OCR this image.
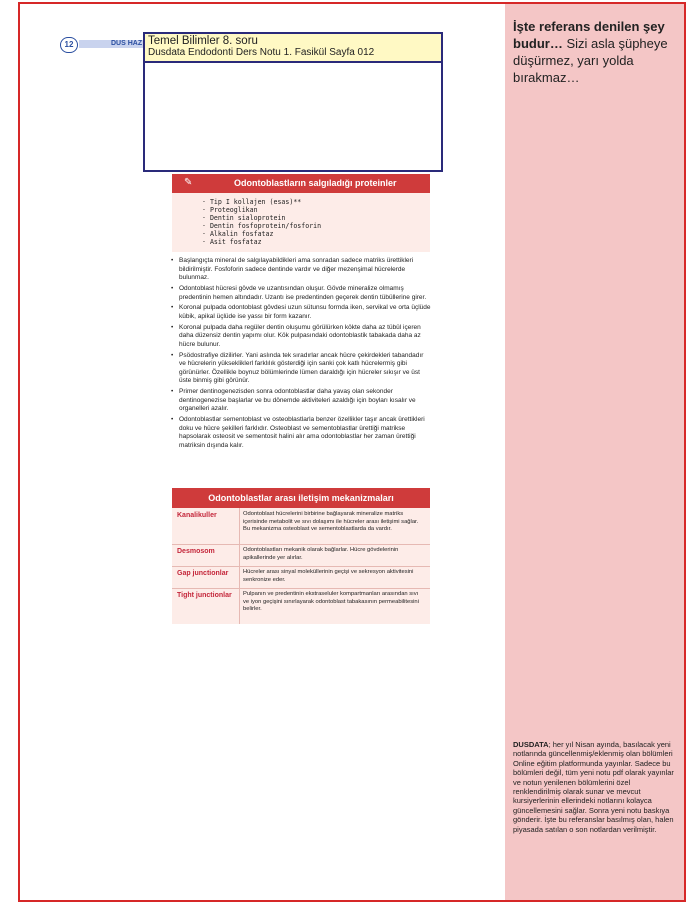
İşte referans denilen şey budur… Sizi asla şüpheye düşürmez, yarı yolda bırakmaz…
DUSDATA; her yıl Nisan ayında, basılacak yeni notlarında güncellenmiş/eklenmiş olan bölümleri Online eğitim platformunda yayınlar. Sadece bu bölümleri değil, tüm yeni notu pdf olarak yayınlar ve notun yenilenen bölümlerini özel renklendirilmiş olarak sunar ve mevcut kursiyerlerinin ellerindeki notlarını kolayca güncellemesini sağlar. Sonra yeni notu baskıya gönderir. İşte bu referanslar basılmış olan, halen piyasada satılan o son notlardan verilmiştir.
12	DUS HAZ
•
•
•
•
• Temel Bilimler 8. soru
Dusdata Endodonti Ders Notu 1. Fasikül Sayfa 012
✎	Odontoblastların salgıladığı proteinler
· Tip I kollajen (esas)**
· Proteoglikan
· Dentin sialoprotein
· Dentin fosfoprotein/fosforin
· Alkalin fosfataz
· Asit fosfataz
• Başlangıçta mineral de salgılayabildikleri ama sonradan sadece matriks ürettikleri bildirilmiştir. Fosfoforin sadece dentinde vardır ve diğer mezenşimal hücrelerde bulunmaz.
• Odontoblast hücresi gövde ve uzantısından oluşur. Gövde mineralize olmamış predentinin hemen altındadır. Uzantı ise predentinden geçerek dentin tübüllerine girer.
• Koronal pulpada odontoblast gövdesi uzun sütunsu formda iken, servikal ve orta üçlüde kübik, apikal üçlüde ise yassı bir form kazanır.
• Koronal pulpada daha regüler dentin oluşumu görülürken kökte daha az tübül içeren daha düzensiz dentin yapımı olur. Kök pulpasındaki odontoblastik tabakada daha az hücre bulunur.
• Psödostrafiye dizilirler. Yani aslında tek sıradırlar ancak hücre çekirdekleri tabandadır ve hücrelerin yüksekliklerl farklılık gösterdiği için sanki çok katlı hücrelermiş gibi görünürler. Özellikle boynuz bölümlerinde lümen daraldığı için hücreler sıkışır ve üst üste binmiş gibi görünür.
• Primer dentinogenezisden sonra odontoblastlar daha yavaş olan sekonder dentinogenezise başlarlar ve bu dönemde aktiviteleri azaldığı için boyları kısalır ve organelleri azalır.
• Odontoblastlar sementoblast ve osteoblastlarla benzer özellikler taşır ancak ürettikleri doku ve hücre şekilleri farklıdır. Osteoblast ve sementoblastlar ürettiği matrikse hapsolarak osteosit ve sementosit halini alır ama odontoblastlar her zaman ürettiği matriksin dışında kalır.
Odontoblastlar arası iletişim mekanizmaları
Kanalikuller	Odontoblast hücrelerini birbirine bağlayarak mineralize matriks içerisinde metabolit ve sıvı dolaşımı ile hücreler arası iletişimi sağlar. Bu mekanizma osteoblast ve sementoblastlarda da vardır.
Desmosom	Odontoblastları mekanik olarak bağlarlar. Hücre gövdelerinin apikallerinde yer alırlar.
Gap junctionlar	Hücreler arası sinyal moleküllerinin geçişi ve sekresyon aktivitesini senkronize eder.
Tight junctionlar Pulpanın ve predentinin ekstraseluler kompartmanları arasından sıvı ve iyon geçişini sınırlayarak odontoblast tabakasının permeabilitesini belirler.
